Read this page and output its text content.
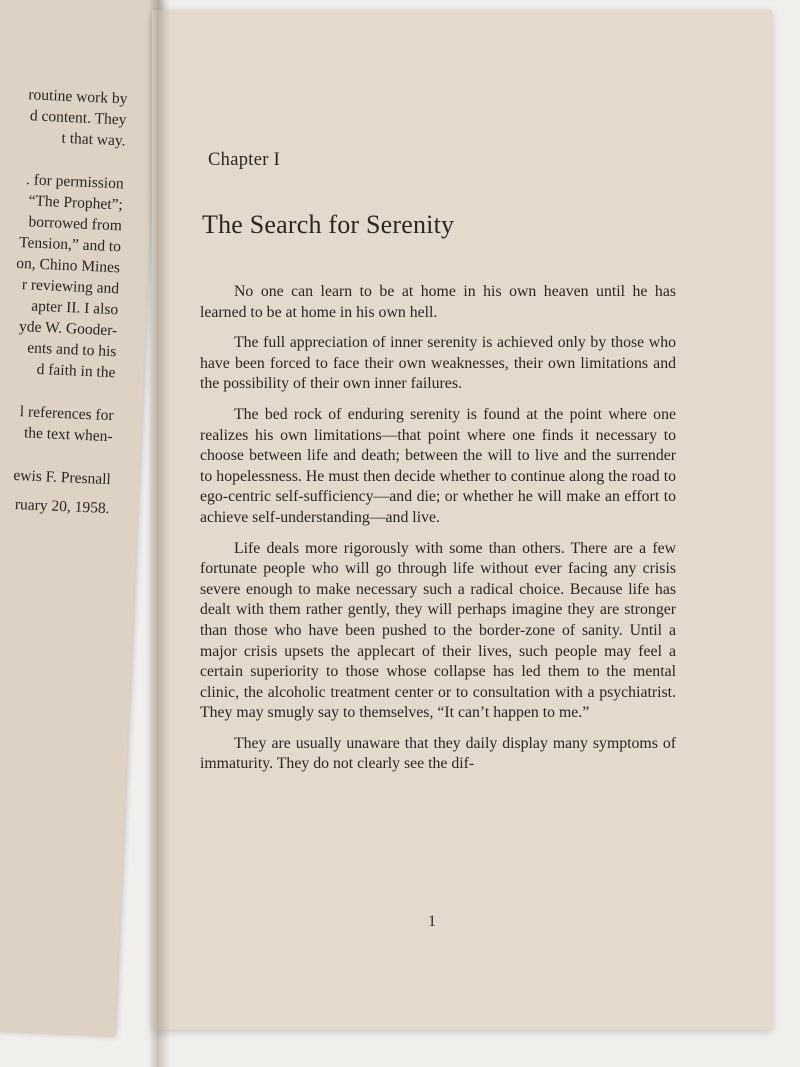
routine work by
d content. They
t that way.
. for permission
“The Prophet”;
borrowed from
Tension,” and to
on, Chino Mines
r reviewing and
apter II. I also
yde W. Gooder-
ents and to his
d faith in the
l references for
the text when-
ewis F. Presnall
ruary 20, 1958.
Chapter I
The Search for Serenity

No one can learn to be at home in his own heaven until he has learned to be at home in his own hell.

The full appreciation of inner serenity is achieved only by those who have been forced to face their own weaknesses, their own limitations and the possibility of their own inner failures.

The bed rock of enduring serenity is found at the point where one realizes his own limitations—that point where one finds it necessary to choose between life and death; between the will to live and the surrender to hopelessness. He must then decide whether to continue along the road to ego-centric self-sufficiency—and die; or whether he will make an effort to achieve self-understanding—and live.

Life deals more rigorously with some than others. There are a few fortunate people who will go through life without ever facing any crisis severe enough to make necessary such a radical choice. Because life has dealt with them rather gently, they will perhaps imagine they are stronger than those who have been pushed to the border-zone of sanity. Until a major crisis upsets the applecart of their lives, such people may feel a certain superiority to those whose collapse has led them to the mental clinic, the alcoholic treatment center or to consultation with a psychiatrist. They may smugly say to themselves, “It can’t happen to me.”

They are usually unaware that they daily display many symptoms of immaturity. They do not clearly see the dif-

1
